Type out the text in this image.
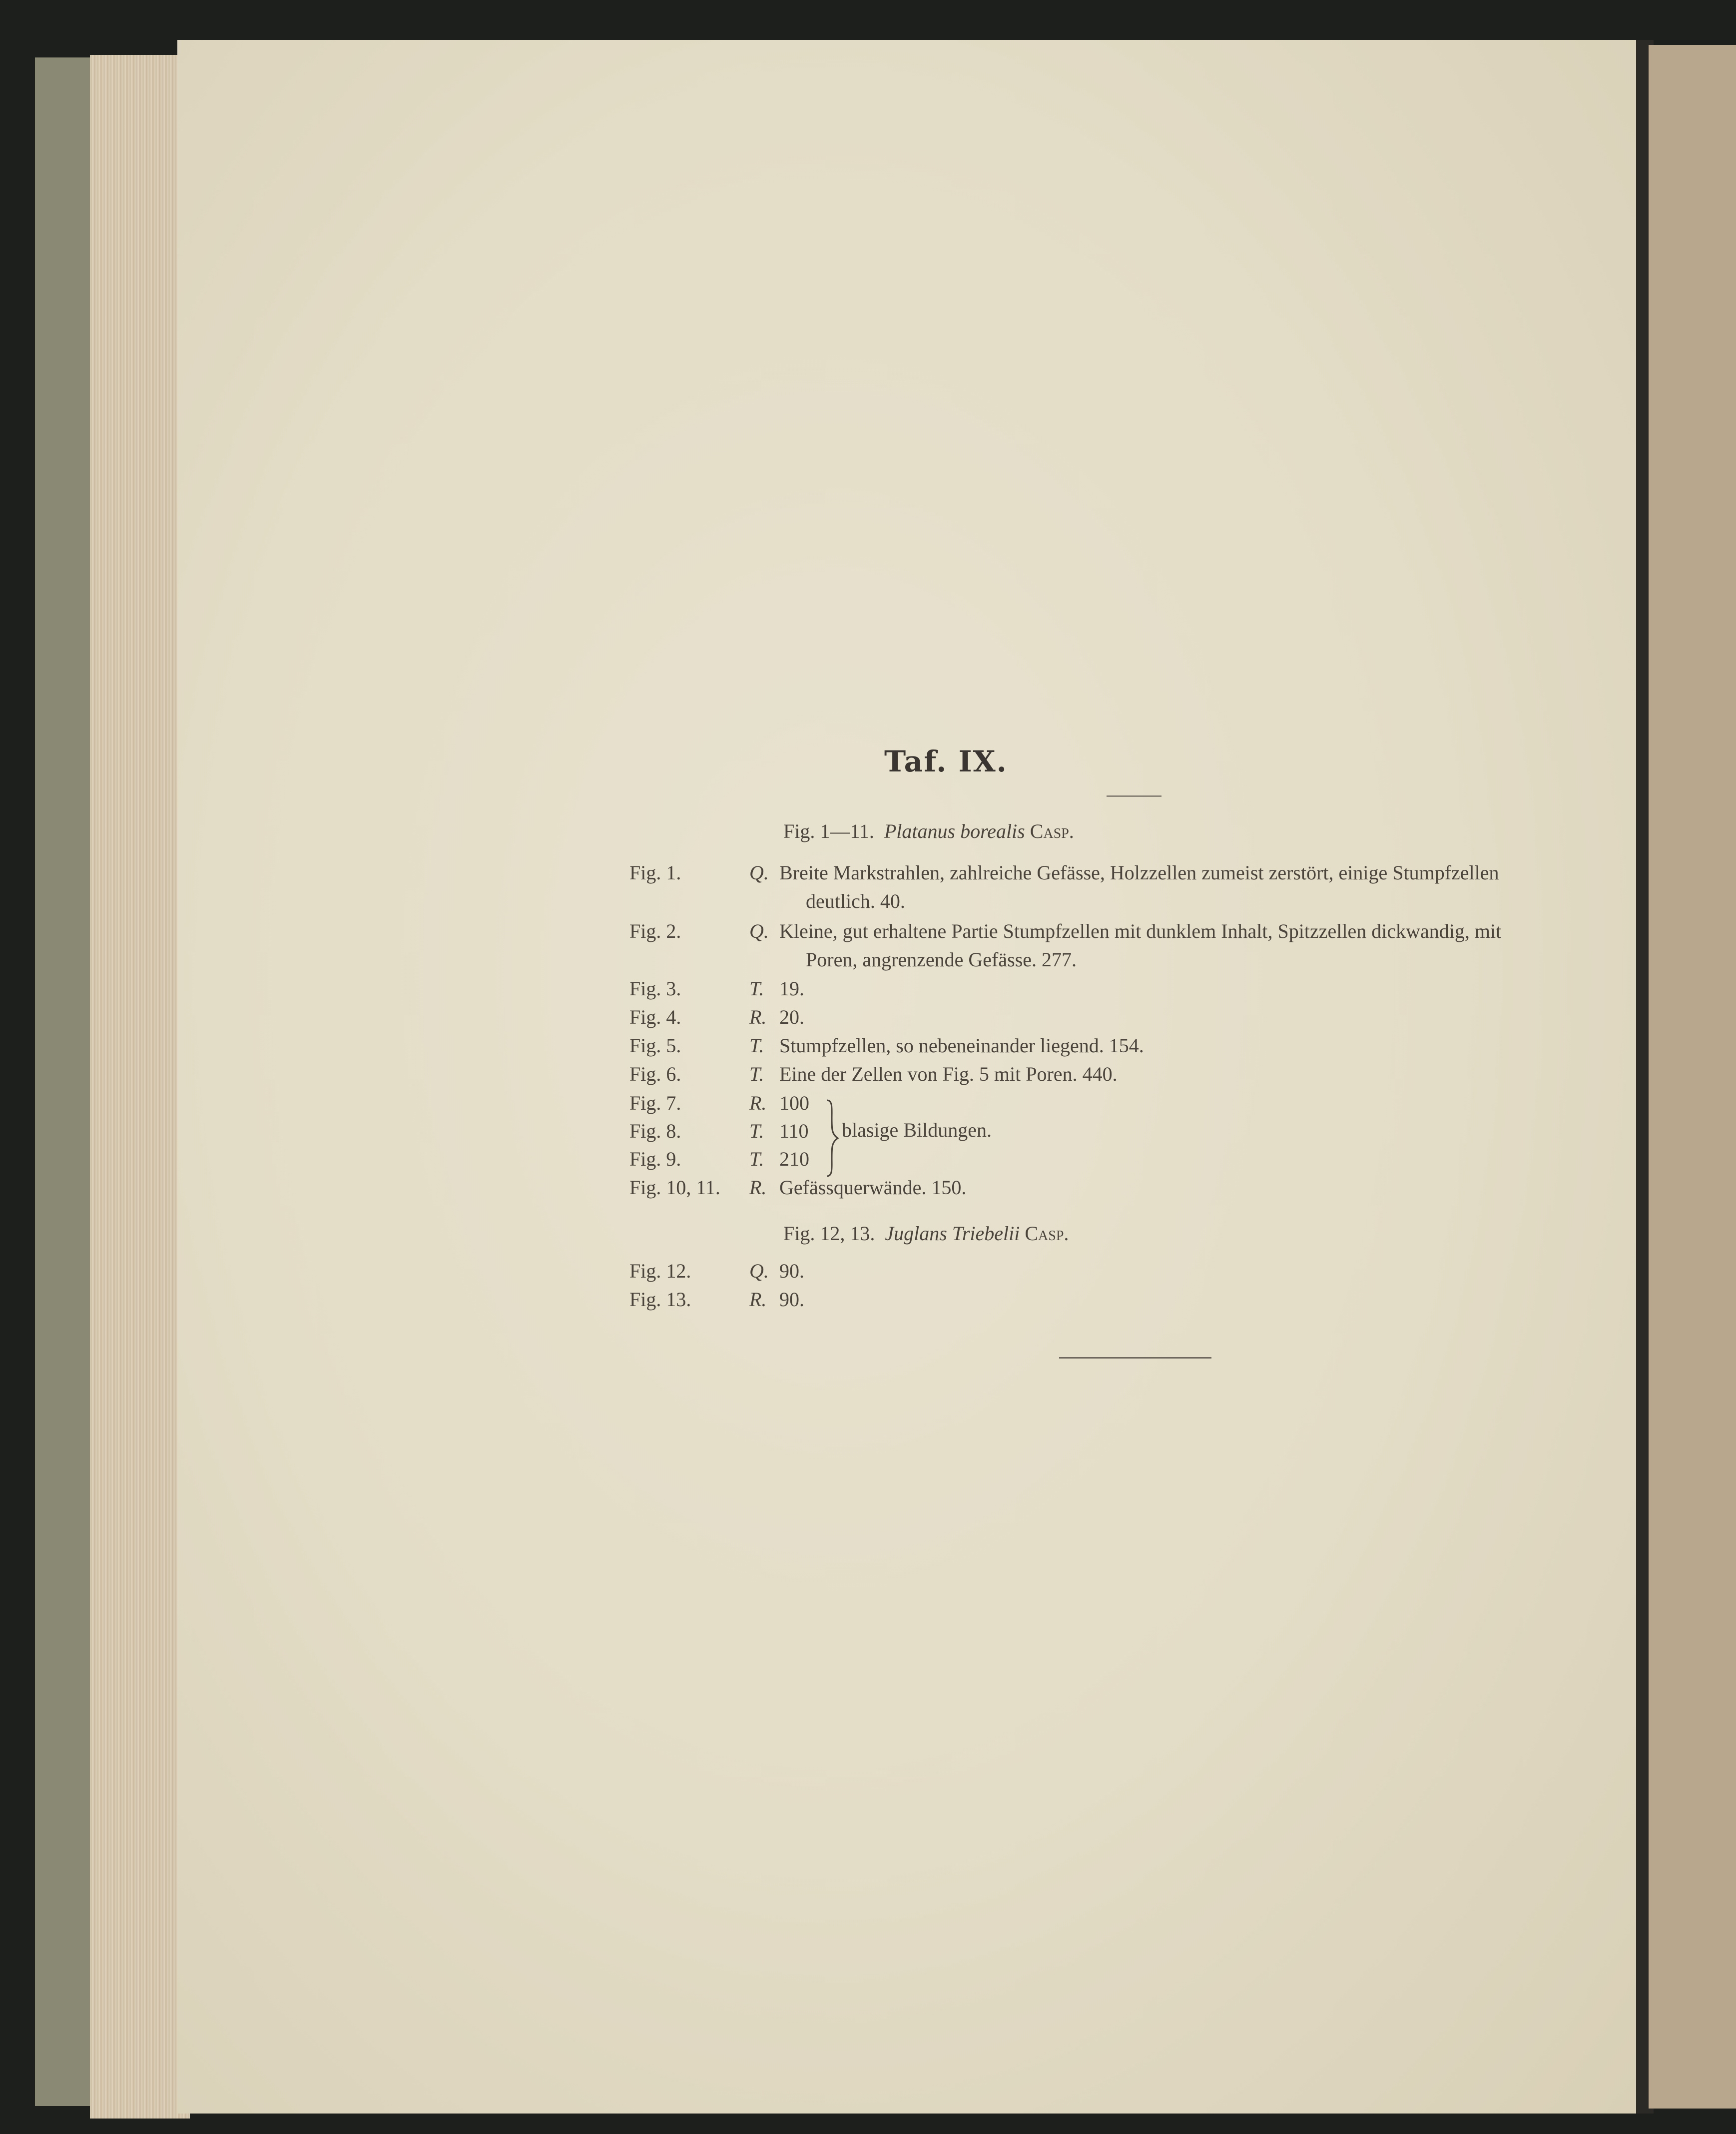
Taf. IX.
Fig. 1—11. Platanus borealis Casp.
Fig. 1.	Q. Breite Markstrahlen, zahlreiche Gefässe, Holzzellen zumeist zerstört, einige Stumpfzellen
deutlich. 40.
Fig. 2.	Q. Kleine, gut erhaltene Partie Stumpfzellen mit dunklem Inhalt, Spitzzellen dickwandig, mit
Poren, angrenzende Gefässe. 277.
Fig. 3.	T. 19.
Fig. 4.	R. 20.
Fig. 5.	T. Stumpfzellen, so nebeneinander liegend. 154.
Fig. 6.	T. Eine der Zellen von Fig. 5 mit Poren. 440.
Fig. 7.	R. 100
Fig. 8.	T. 110
Fig. 9.	T. 210
blasige Bildungen.
Fig. 10, 11. R. Gefässquerwände. 150.
Fig. 12, 13. Juglans Triebelii Casp.
Fig. 12.	Q. 90.
Fig. 13.	R. 90.
